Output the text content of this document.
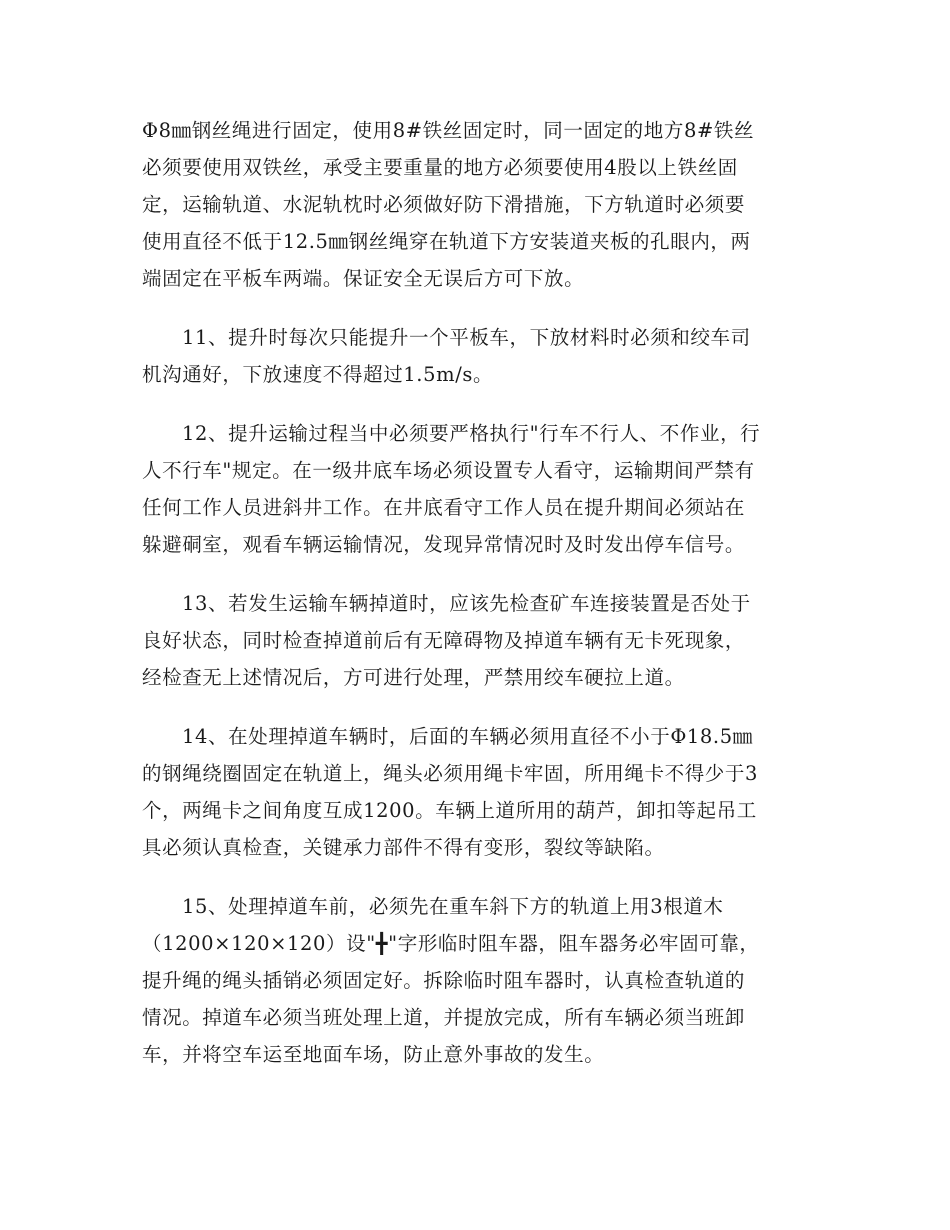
Φ8㎜钢丝绳进行固定，使用8#铁丝固定时，同一固定的地方8#铁丝
必须要使用双铁丝，承受主要重量的地方必须要使用4股以上铁丝固
定，运输轨道、水泥轨枕时必须做好防下滑措施，下方轨道时必须要
使用直径不低于12.5㎜钢丝绳穿在轨道下方安装道夹板的孔眼内，两
端固定在平板车两端。保证安全无误后方可下放。
11、提升时每次只能提升一个平板车，下放材料时必须和绞车司
机沟通好，下放速度不得超过1.5m/s。
12、提升运输过程当中必须要严格执行"行车不行人、不作业，行
人不行车"规定。在一级井底车场必须设置专人看守，运输期间严禁有
任何工作人员进斜井工作。在井底看守工作人员在提升期间必须站在
躲避硐室，观看车辆运输情况，发现异常情况时及时发出停车信号。
13、若发生运输车辆掉道时，应该先检查矿车连接装置是否处于
良好状态，同时检查掉道前后有无障碍物及掉道车辆有无卡死现象，
经检查无上述情况后，方可进行处理，严禁用绞车硬拉上道。
14、在处理掉道车辆时，后面的车辆必须用直径不小于Φ18.5㎜
的钢绳绕圈固定在轨道上，绳头必须用绳卡牢固，所用绳卡不得少于3
个，两绳卡之间角度互成1200。车辆上道所用的葫芦，卸扣等起吊工
具必须认真检查，关键承力部件不得有变形，裂纹等缺陷。
15、处理掉道车前，必须先在重车斜下方的轨道上用3根道木
（1200×120×120）设"╋"字形临时阻车器，阻车器务必牢固可靠，
提升绳的绳头插销必须固定好。拆除临时阻车器时，认真检查轨道的
情况。掉道车必须当班处理上道，并提放完成，所有车辆必须当班卸
车，并将空车运至地面车场，防止意外事故的发生。
